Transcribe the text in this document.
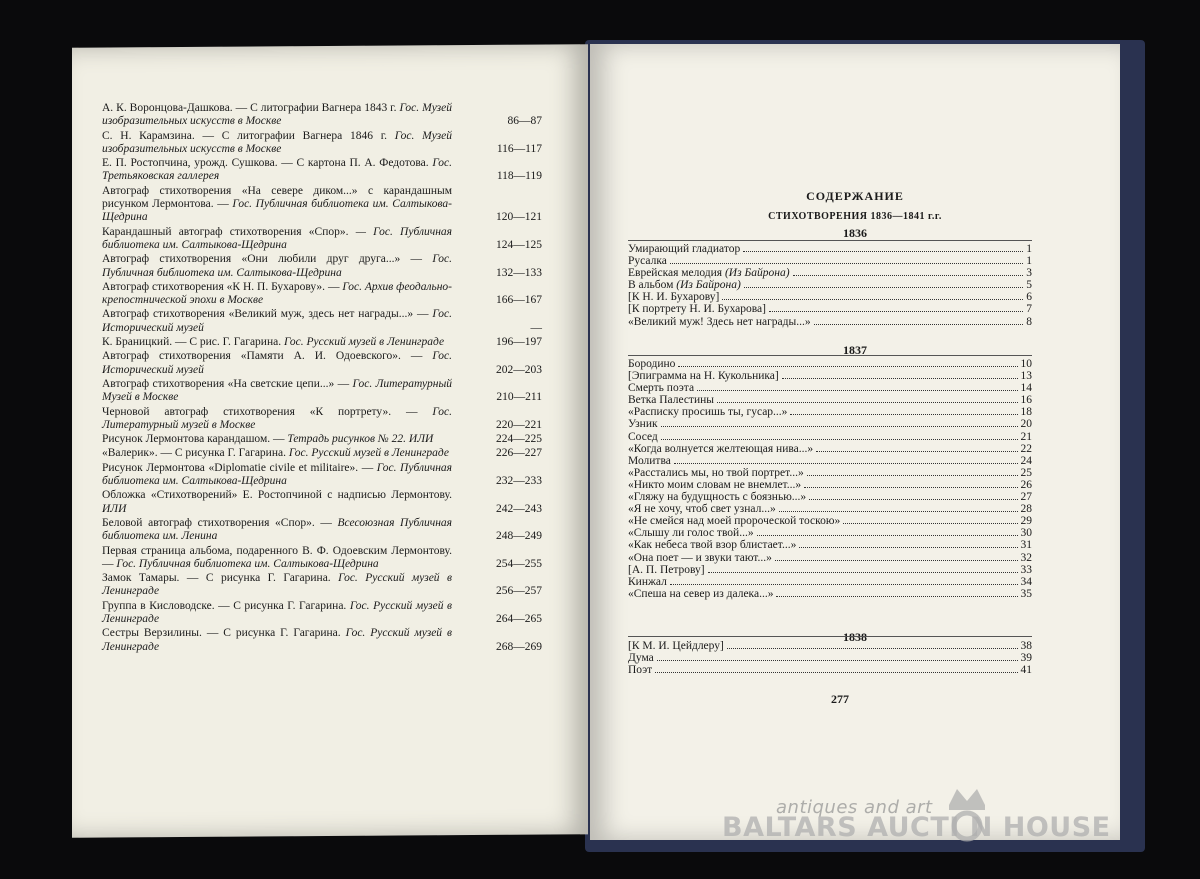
А. К. Воронцова-Дашкова. — С литографии Вагнера 1843 г. Гос. Музей изобразительных искусств в Москве	86—87
С. Н. Карамзина. — С литографии Вагнера 1846 г. Гос. Музей изобразительных искусств в Москве	116—117
Е. П. Ростопчина, урожд. Сушкова. — С картона П. А. Федотова. Гос. Третьяковская галлерея	118—119
Автограф стихотворения «На севере диком...» с карандашным рисунком Лермонтова. — Гос. Публичная библиотека им. Салтыкова-Щедрина	120—121
Карандашный автограф стихотворения «Спор». — Гос. Публичная библиотека им. Салтыкова-Щедрина	124—125
Автограф стихотворения «Они любили друг друга...» — Гос. Публичная библиотека им. Салтыкова-Щедрина	132—133
Автограф стихотворения «К Н. П. Бухарову». — Гос. Архив феодально-крепостнической эпохи в Москве	166—167
Автограф стихотворения «Великий муж, здесь нет награды...» — Гос. Исторический музей	—
К. Браницкий. — С рис. Г. Гагарина. Гос. Русский музей в Ленинграде	196—197
Автограф стихотворения «Памяти А. И. Одоевского». — Гос. Исторический музей	202—203
Автограф стихотворения «На светские цепи...» — Гос. Литературный Музей в Москве	210—211
Черновой автограф стихотворения «К портрету». — Гос. Литературный музей в Москве	220—221
Рисунок Лермонтова карандашом. — Тетрадь рисунков № 22. ИЛИ	224—225
«Валерик». — С рисунка Г. Гагарина. Гос. Русский музей в Ленинграде	226—227
Рисунок Лермонтова «Diplomatie civile et militaire». — Гос. Публичная библиотека им. Салтыкова-Щедрина	232—233
Обложка «Стихотворений» Е. Ростопчиной с надписью Лермонтову. ИЛИ	242—243
Беловой автограф стихотворения «Спор». — Всесоюзная Публичная библиотека им. Ленина	248—249
Первая страница альбома, подаренного В. Ф. Одоевским Лермонтову. — Гос. Публичная библиотека им. Салтыкова-Щедрина	254—255
Замок Тамары. — С рисунка Г. Гагарина. Гос. Русский музей в Ленинграде	256—257
Группа в Кисловодске. — С рисунка Г. Гагарина. Гос. Русский музей в Ленинграде	264—265
Сестры Верзилины. — С рисунка Г. Гагарина. Гос. Русский музей в Ленинграде	268—269
СОДЕРЖАНИЕ
СТИХОТВОРЕНИЯ 1836—1841 г.г.
1836
Умирающий гладиатор	1
Русалка	1
Еврейская мелодия (Из Байрона)	3
В альбом (Из Байрона)	5
[К Н. И. Бухарову]	6
[К портрету Н. И. Бухарова]	7
«Великий муж! Здесь нет награды...»	8
1837
Бородино	10
[Эпиграмма на Н. Кукольника]	13
Смерть поэта	14
Ветка Палестины	16
«Расписку просишь ты, гусар...»	18
Узник	20
Сосед	21
«Когда волнуется желтеющая нива...»	22
Молитва	24
«Расстались мы, но твой портрет...»	25
«Никто моим словам не внемлет...»	26
«Гляжу на будущность с боязнью...»	27
«Я не хочу, чтоб свет узнал...»	28
«Не смейся над моей пророческой тоскою»	29
«Слышу ли голос твой...»	30
«Как небеса твой взор блистает...»	31
«Она поет — и звуки тают...»	32
[А. П. Петрову]	33
Кинжал	34
«Спеша на север из далека...»	35
1838
[К М. И. Цейдлеру]	38
Дума	39
Поэт	41
277
antiques and art
BALTARS AUCTI N HOUSE
